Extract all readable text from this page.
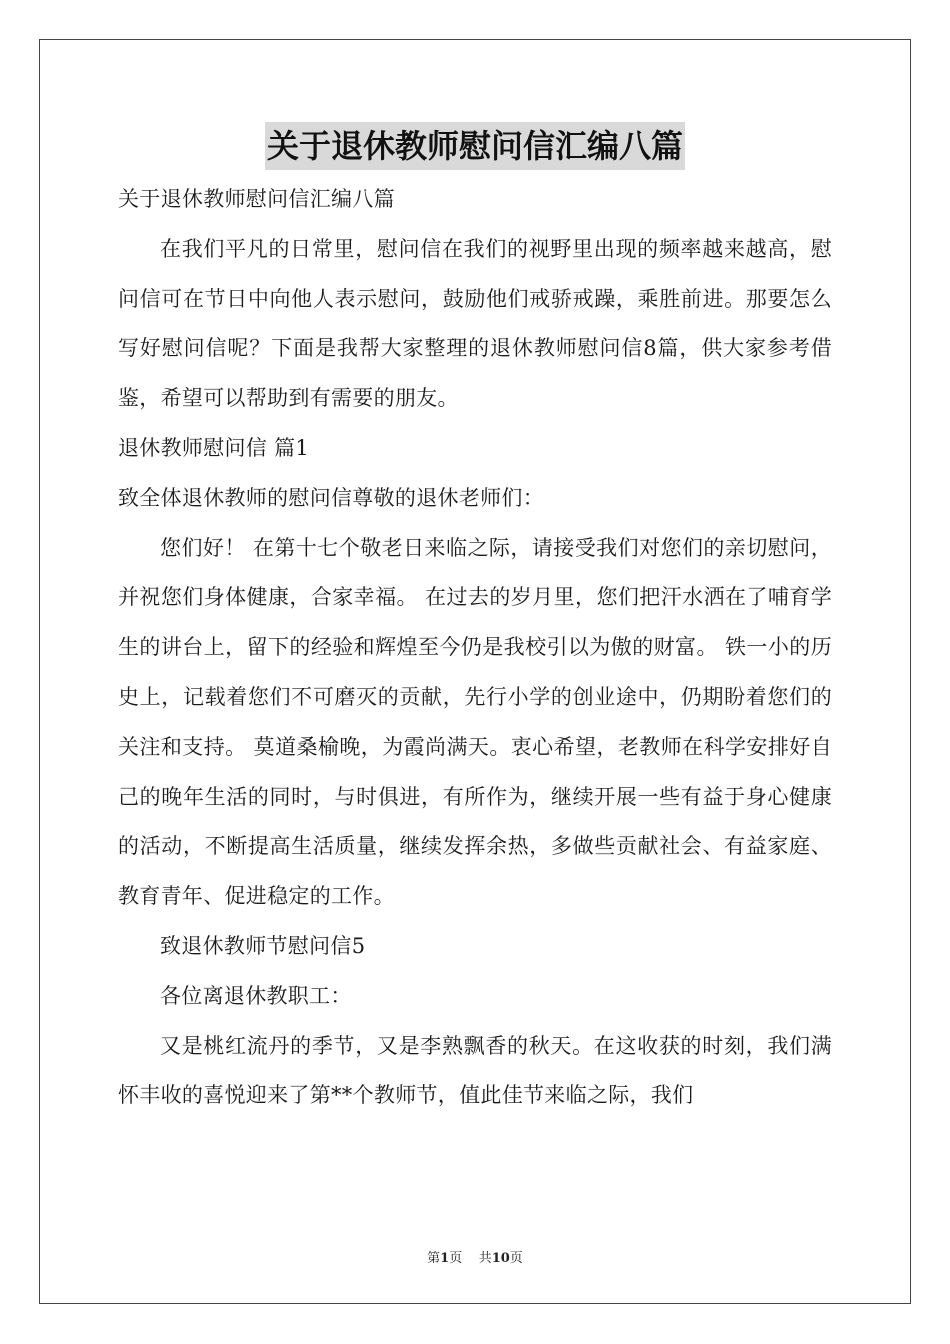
关于退休教师慰问信汇编八篇

关于退休教师慰问信汇编八篇

在我们平凡的日常里，慰问信在我们的视野里出现的频率越来越高，慰问信可在节日中向他人表示慰问，鼓励他们戒骄戒躁，乘胜前进。那要怎么写好慰问信呢？下面是我帮大家整理的退休教师慰问信8篇，供大家参考借鉴，希望可以帮助到有需要的朋友。

退休教师慰问信 篇1

致全体退休教师的慰问信尊敬的退休老师们：

您们好！ 在第十七个敬老日来临之际，请接受我们对您们的亲切慰问，并祝您们身体健康，合家幸福。 在过去的岁月里，您们把汗水洒在了哺育学生的讲台上，留下的经验和辉煌至今仍是我校引以为傲的财富。 铁一小的历史上，记载着您们不可磨灭的贡献，先行小学的创业途中，仍期盼着您们的关注和支持。 莫道桑榆晚，为霞尚满天。衷心希望，老教师在科学安排好自己的晚年生活的同时，与时俱进，有所作为，继续开展一些有益于身心健康的活动，不断提高生活质量，继续发挥余热，多做些贡献社会、有益家庭、教育青年、促进稳定的工作。

致退休教师节慰问信5

各位离退休教职工：

又是桃红流丹的季节，又是李熟飘香的秋天。在这收获的时刻，我们满怀丰收的喜悦迎来了第**个教师节，值此佳节来临之际，我们

第1页 共10页
